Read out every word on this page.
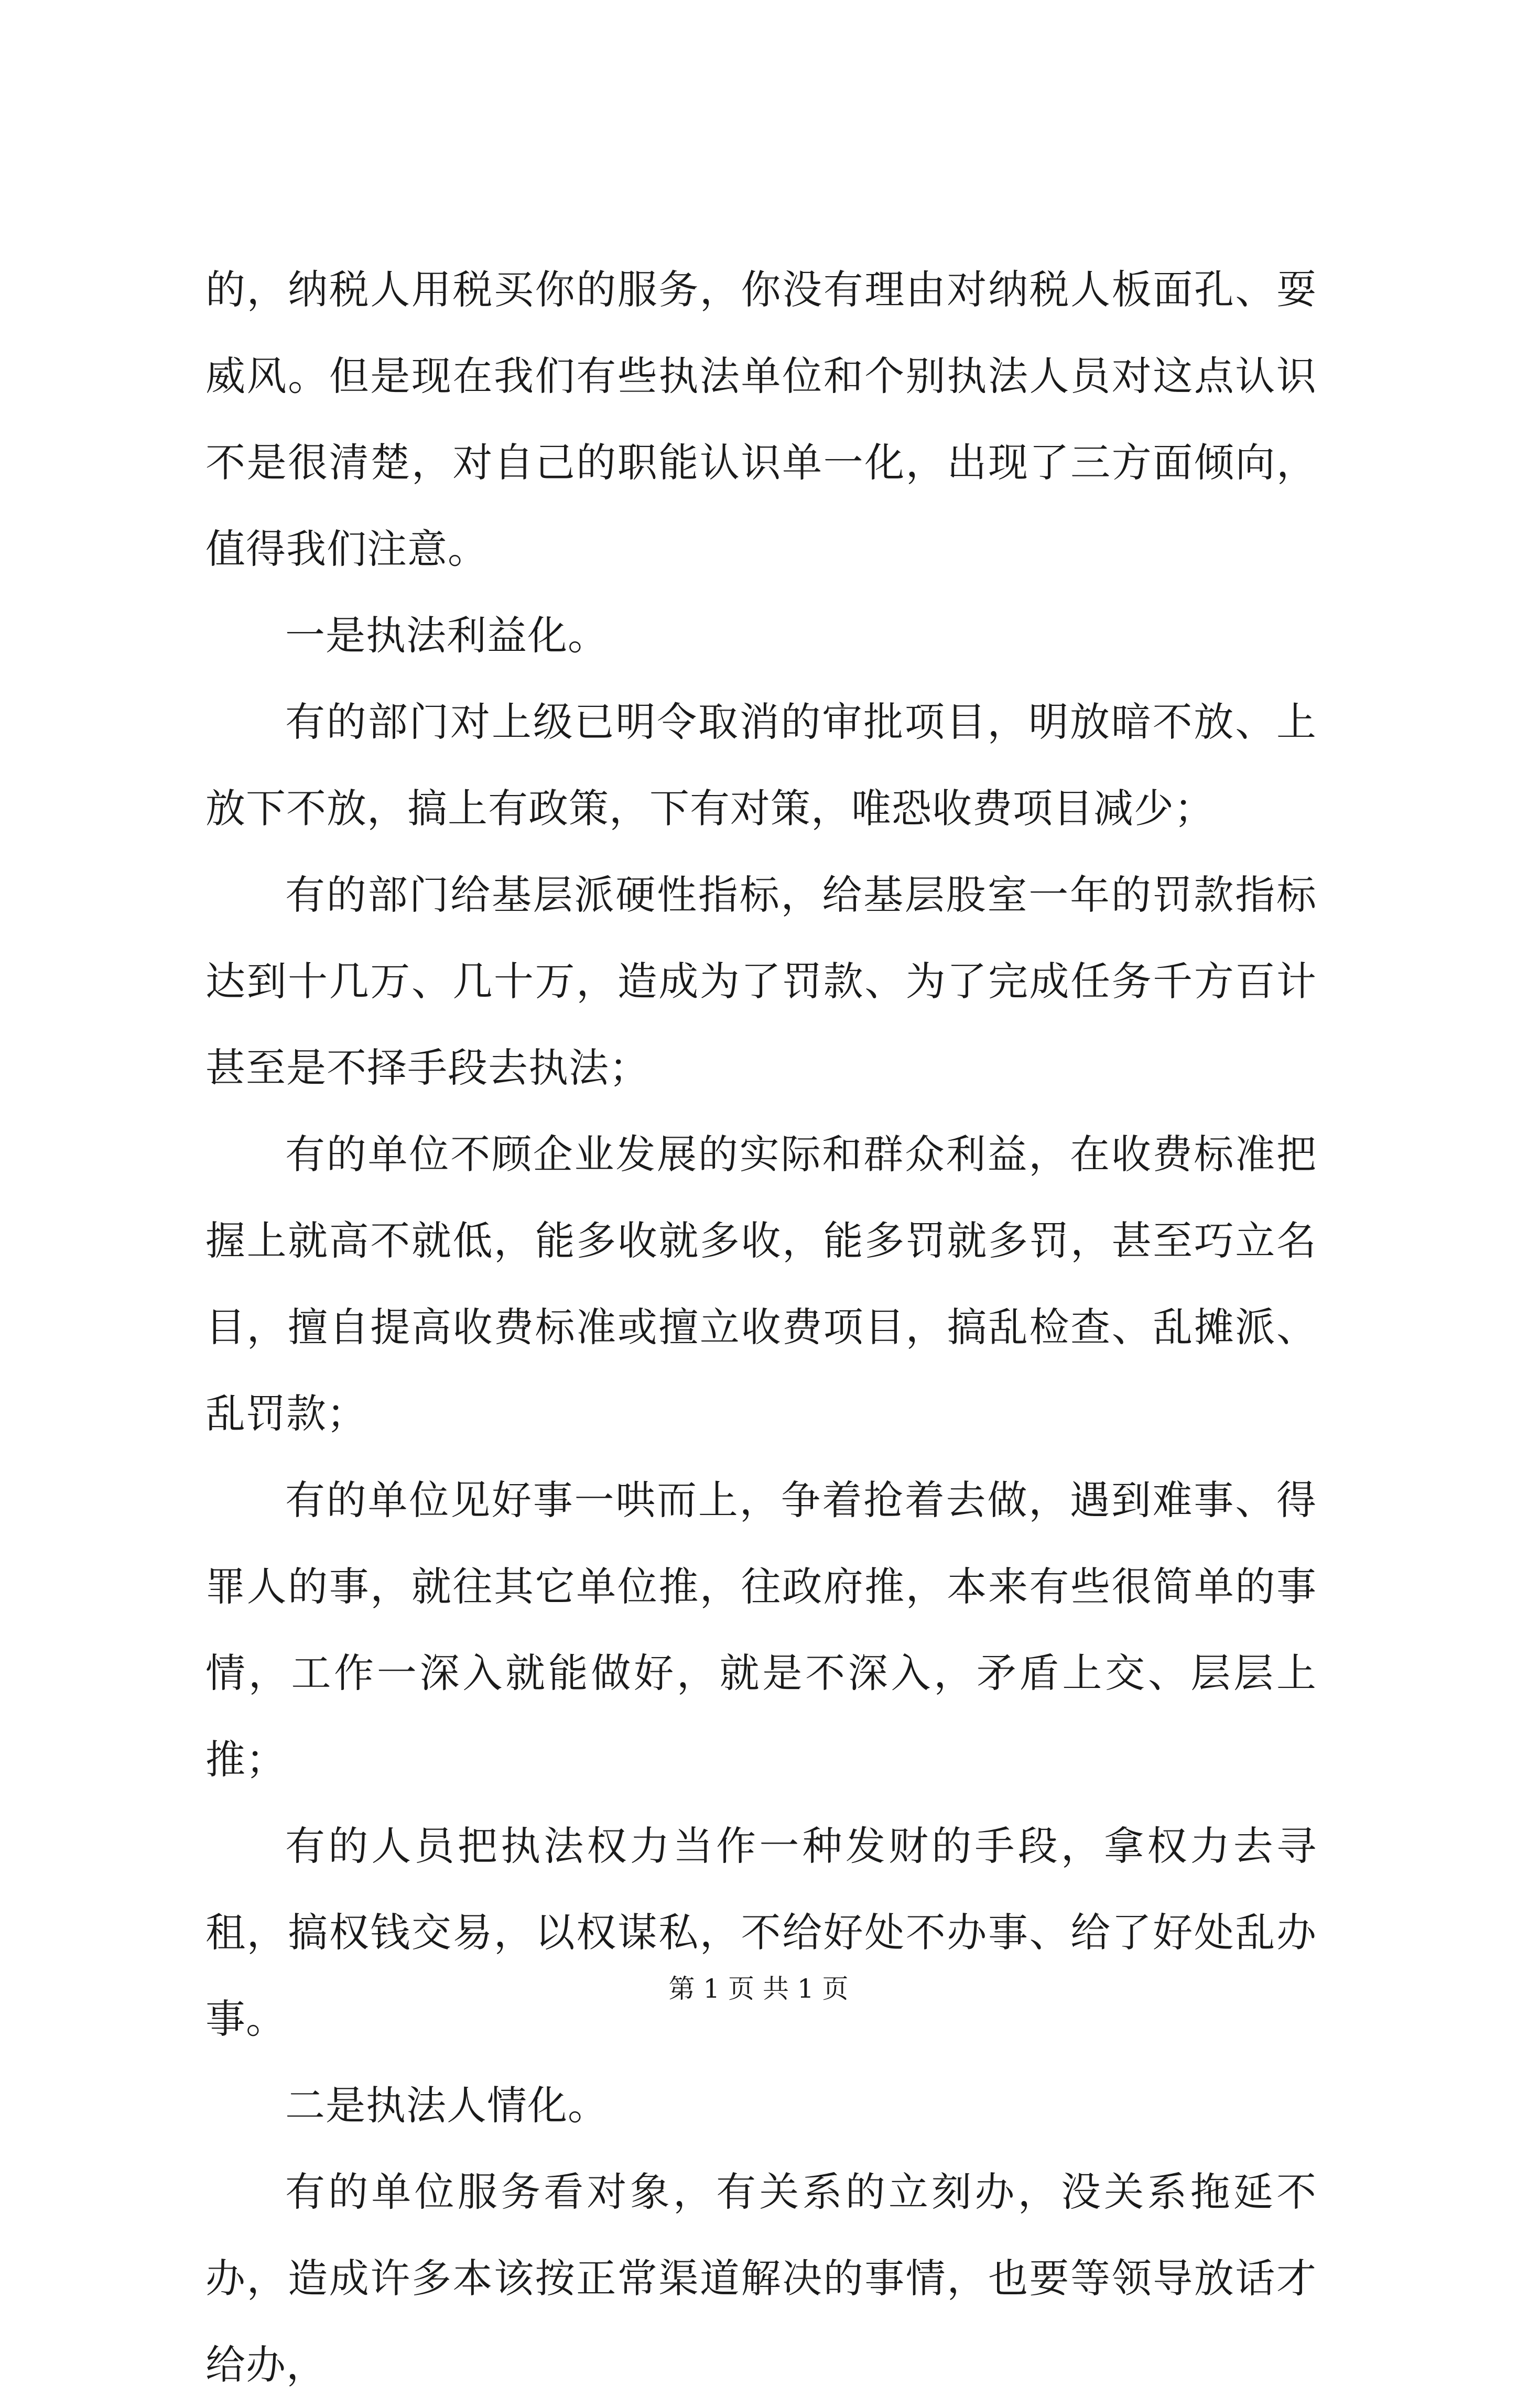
的，纳税人用税买你的服务，你没有理由对纳税人板面孔、耍威风。但是现在我们有些执法单位和个别执法人员对这点认识不是很清楚，对自己的职能认识单一化，出现了三方面倾向，值得我们注意。

一是执法利益化。

有的部门对上级已明令取消的审批项目，明放暗不放、上放下不放，搞上有政策，下有对策，唯恐收费项目减少；

有的部门给基层派硬性指标，给基层股室一年的罚款指标达到十几万、几十万，造成为了罚款、为了完成任务千方百计甚至是不择手段去执法；

有的单位不顾企业发展的实际和群众利益，在收费标准把握上就高不就低，能多收就多收，能多罚就多罚，甚至巧立名目，擅自提高收费标准或擅立收费项目，搞乱检查、乱摊派、乱罚款；

有的单位见好事一哄而上，争着抢着去做，遇到难事、得罪人的事，就往其它单位推，往政府推，本来有些很简单的事情，工作一深入就能做好，就是不深入，矛盾上交、层层上推；

有的人员把执法权力当作一种发财的手段，拿权力去寻租，搞权钱交易，以权谋私，不给好处不办事、给了好处乱办事。

二是执法人情化。

有的单位服务看对象，有关系的立刻办，没关系拖延不办，造成许多本该按正常渠道解决的事情，也要等领导放话才给办，

第 1 页 共 1 页
